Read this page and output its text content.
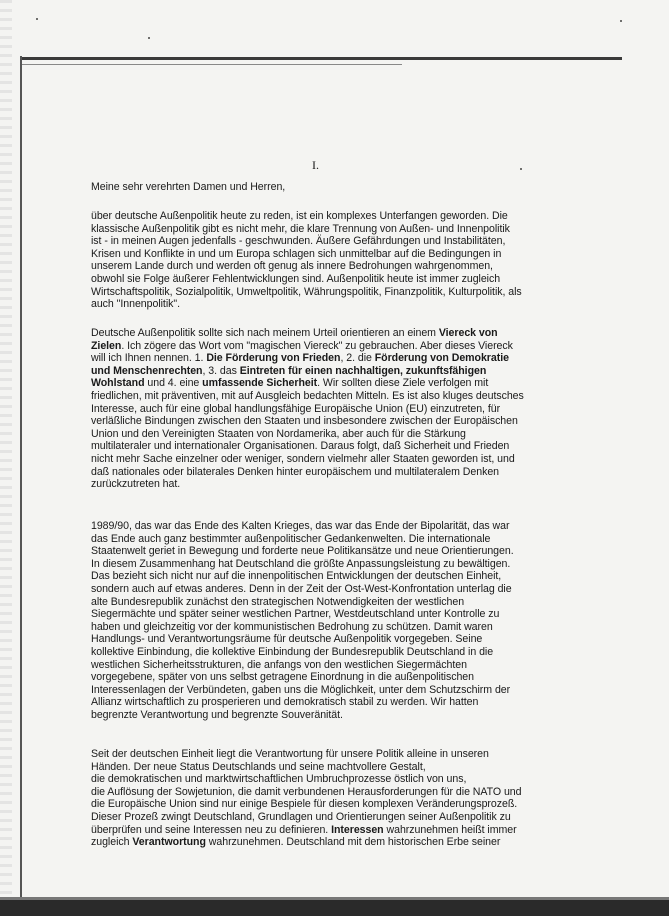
I.
Meine sehr verehrten Damen und Herren,
über deutsche Außenpolitik heute zu reden, ist ein komplexes Unterfangen geworden. Die
klassische Außenpolitik gibt es nicht mehr, die klare Trennung von Außen- und Innenpolitik
ist - in meinen Augen jedenfalls - geschwunden. Äußere Gefährdungen und Instabilitäten,
Krisen und Konflikte in und um Europa schlagen sich unmittelbar auf die Bedingungen in
unserem Lande durch und werden oft genug als innere Bedrohungen wahrgenommen,
obwohl sie Folge äußerer Fehlentwicklungen sind. Außenpolitik heute ist immer zugleich
Wirtschaftspolitik, Sozialpolitik, Umweltpolitik, Währungspolitik, Finanzpolitik, Kulturpolitik, als
auch "Innenpolitik".
Deutsche Außenpolitik sollte sich nach meinem Urteil orientieren an einem Viereck von
Zielen. Ich zögere das Wort vom "magischen Viereck" zu gebrauchen. Aber dieses Viereck
will ich Ihnen nennen. 1. Die Förderung von Frieden, 2. die Förderung von Demokratie
und Menschenrechten, 3. das Eintreten für einen nachhaltigen, zukunftsfähigen
Wohlstand und 4. eine umfassende Sicherheit. Wir sollten diese Ziele verfolgen mit
friedlichen, mit präventiven, mit auf Ausgleich bedachten Mitteln. Es ist also kluges deutsches
Interesse, auch für eine global handlungsfähige Europäische Union (EU) einzutreten, für
verläßliche Bindungen zwischen den Staaten und insbesondere zwischen der Europäischen
Union und den Vereinigten Staaten von Nordamerika, aber auch für die Stärkung
multilateraler und internationaler Organisationen. Daraus folgt, daß Sicherheit und Frieden
nicht mehr Sache einzelner oder weniger, sondern vielmehr aller Staaten geworden ist, und
daß nationales oder bilaterales Denken hinter europäischem und multilateralem Denken
zurückzutreten hat.
1989/90, das war das Ende des Kalten Krieges, das war das Ende der Bipolarität, das war
das Ende auch ganz bestimmter außenpolitischer Gedankenwelten. Die internationale
Staatenwelt geriet in Bewegung und forderte neue Politikansätze und neue Orientierungen.
In diesem Zusammenhang hat Deutschland die größte Anpassungsleistung zu bewältigen.
Das bezieht sich nicht nur auf die innenpolitischen Entwicklungen der deutschen Einheit,
sondern auch auf etwas anderes. Denn in der Zeit der Ost-West-Konfrontation unterlag die
alte Bundesrepublik zunächst den strategischen Notwendigkeiten der westlichen
Siegermächte und später seiner westlichen Partner, Westdeutschland unter Kontrolle zu
haben und gleichzeitig vor der kommunistischen Bedrohung zu schützen. Damit waren
Handlungs- und Verantwortungsräume für deutsche Außenpolitik vorgegeben. Seine
kollektive Einbindung, die kollektive Einbindung der Bundesrepublik Deutschland in die
westlichen Sicherheitsstrukturen, die anfangs von den westlichen Siegermächten
vorgegebene, später von uns selbst getragene Einordnung in die außenpolitischen
Interessenlagen der Verbündeten, gaben uns die Möglichkeit, unter dem Schutzschirm der
Allianz wirtschaftlich zu prosperieren und demokratisch stabil zu werden. Wir hatten
begrenzte Verantwortung und begrenzte Souveränität.
Seit der deutschen Einheit liegt die Verantwortung für unsere Politik alleine in unseren
Händen. Der neue Status Deutschlands und seine machtvollere Gestalt,
die demokratischen und marktwirtschaftlichen Umbruchprozesse östlich von uns,
die Auflösung der Sowjetunion, die damit verbundenen Herausforderungen für die NATO und
die Europäische Union sind nur einige Bespiele für diesen komplexen Veränderungsprozeß.
Dieser Prozeß zwingt Deutschland, Grundlagen und Orientierungen seiner Außenpolitik zu
überprüfen und seine Interessen neu zu definieren. Interessen wahrzunehmen heißt immer
zugleich Verantwortung wahrzunehmen. Deutschland mit dem historischen Erbe seiner
